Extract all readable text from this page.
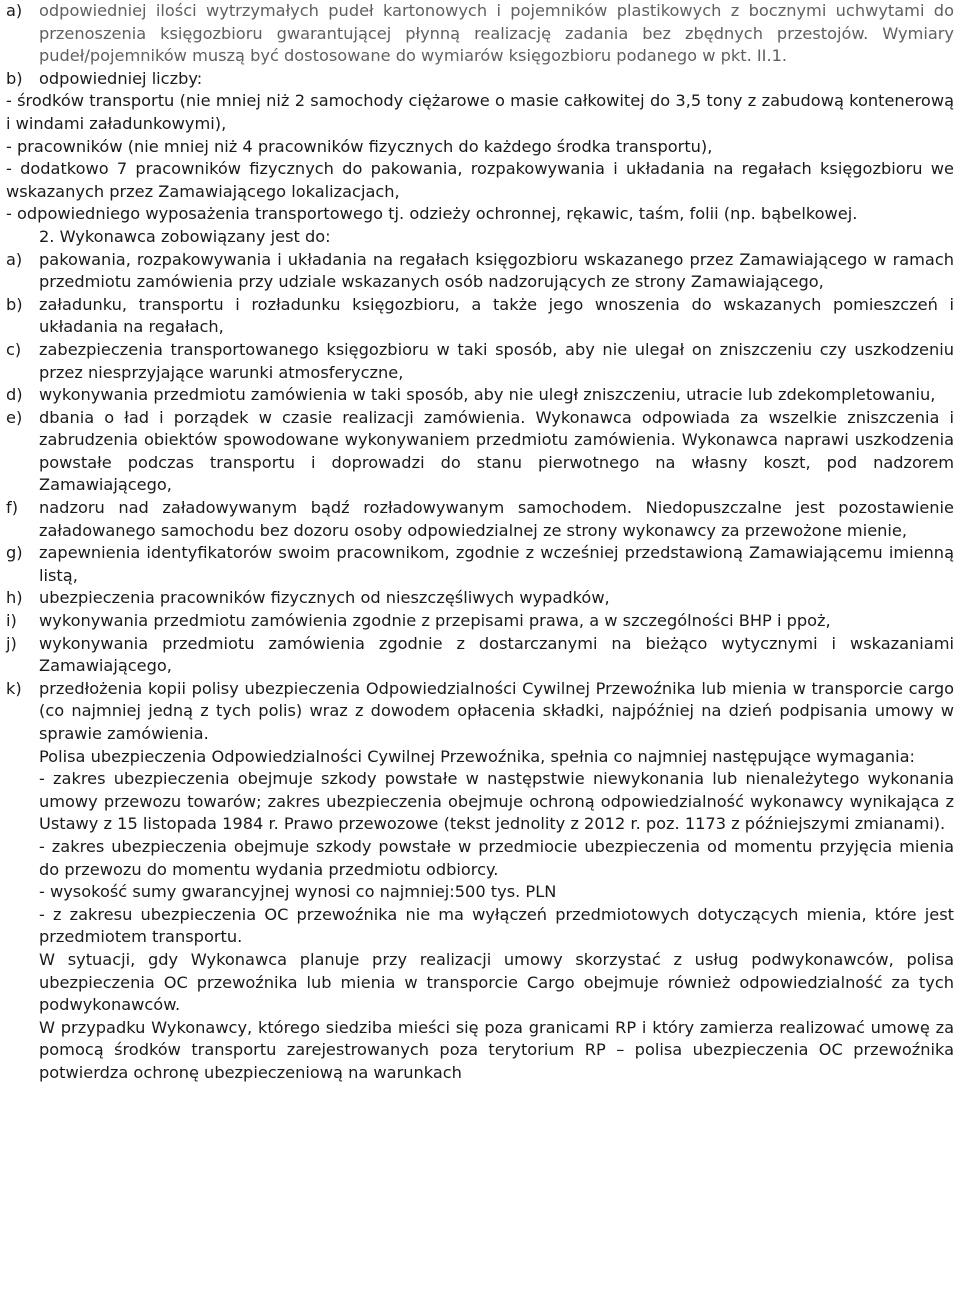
a) odpowiedniej ilości wytrzymałych pudeł kartonowych i pojemników plastikowych z bocznymi uchwytami do przenoszenia księgozbioru gwarantującej płynną realizację zadania bez zbędnych przestojów. Wymiary pudeł/pojemników muszą być dostosowane do wymiarów księgozbioru podanego w pkt. II.1.
b) odpowiedniej liczby:
- środków transportu (nie mniej niż 2 samochody ciężarowe o masie całkowitej do 3,5 tony z zabudową kontenerową i windami załadunkowymi),
- pracowników (nie mniej niż 4 pracowników fizycznych do każdego środka transportu),
- dodatkowo 7 pracowników fizycznych do pakowania, rozpakowywania i układania na regałach księgozbioru we wskazanych przez Zamawiającego lokalizacjach,
- odpowiedniego wyposażenia transportowego tj. odzieży ochronnej, rękawic, taśm, folii (np. bąbelkowej.
2. Wykonawca zobowiązany jest do:
a) pakowania, rozpakowywania i układania na regałach księgozbioru wskazanego przez Zamawiającego w ramach przedmiotu zamówienia przy udziale wskazanych osób nadzorujących ze strony Zamawiającego,
b) załadunku, transportu i rozładunku księgozbioru, a także jego wnoszenia do wskazanych pomieszczeń i układania na regałach,
c) zabezpieczenia transportowanego księgozbioru w taki sposób, aby nie ulegał on zniszczeniu czy uszkodzeniu przez niesprzyjające warunki atmosferyczne,
d) wykonywania przedmiotu zamówienia w taki sposób, aby nie uległ zniszczeniu, utracie lub zdekompletowaniu,
e) dbania o ład i porządek w czasie realizacji zamówienia. Wykonawca odpowiada za wszelkie zniszczenia i zabrudzenia obiektów spowodowane wykonywaniem przedmiotu zamówienia. Wykonawca naprawi uszkodzenia powstałe podczas transportu i doprowadzi do stanu pierwotnego na własny koszt, pod nadzorem Zamawiającego,
f) nadzoru nad załadowywanym bądź rozładowywanym samochodem. Niedopuszczalne jest pozostawienie załadowanego samochodu bez dozoru osoby odpowiedzialnej ze strony wykonawcy za przewożone mienie,
g) zapewnienia identyfikatorów swoim pracownikom, zgodnie z wcześniej przedstawioną Zamawiającemu imienną listą,
h) ubezpieczenia pracowników fizycznych od nieszczęśliwych wypadków,
i) wykonywania przedmiotu zamówienia zgodnie z przepisami prawa, a w szczególności BHP i ppoż,
j) wykonywania przedmiotu zamówienia zgodnie z dostarczanymi na bieżąco wytycznymi i wskazaniami Zamawiającego,
k) przedłożenia kopii polisy ubezpieczenia Odpowiedzialności Cywilnej Przewoźnika lub mienia w transporcie cargo (co najmniej jedną z tych polis) wraz z dowodem opłacenia składki, najpóźniej na dzień podpisania umowy w sprawie zamówienia.
Polisa ubezpieczenia Odpowiedzialności Cywilnej Przewoźnika, spełnia co najmniej następujące wymagania:
- zakres ubezpieczenia obejmuje szkody powstałe w następstwie niewykonania lub nienależytego wykonania umowy przewozu towarów; zakres ubezpieczenia obejmuje ochroną odpowiedzialność wykonawcy wynikająca z Ustawy z 15 listopada 1984 r. Prawo przewozowe (tekst jednolity z 2012 r. poz. 1173 z późniejszymi zmianami).
- zakres ubezpieczenia obejmuje szkody powstałe w przedmiocie ubezpieczenia od momentu przyjęcia mienia do przewozu do momentu wydania przedmiotu odbiorcy.
- wysokość sumy gwarancyjnej wynosi co najmniej:500 tys. PLN
- z zakresu ubezpieczenia OC przewoźnika nie ma wyłączeń przedmiotowych dotyczących mienia, które jest przedmiotem transportu.
W sytuacji, gdy Wykonawca planuje przy realizacji umowy skorzystać z usług podwykonawców, polisa ubezpieczenia OC przewoźnika lub mienia w transporcie Cargo obejmuje również odpowiedzialność za tych podwykonawców.
W przypadku Wykonawcy, którego siedziba mieści się poza granicami RP i który zamierza realizować umowę za pomocą środków transportu zarejestrowanych poza terytorium RP – polisa ubezpieczenia OC przewoźnika potwierdza ochronę ubezpieczeniową na warunkach
